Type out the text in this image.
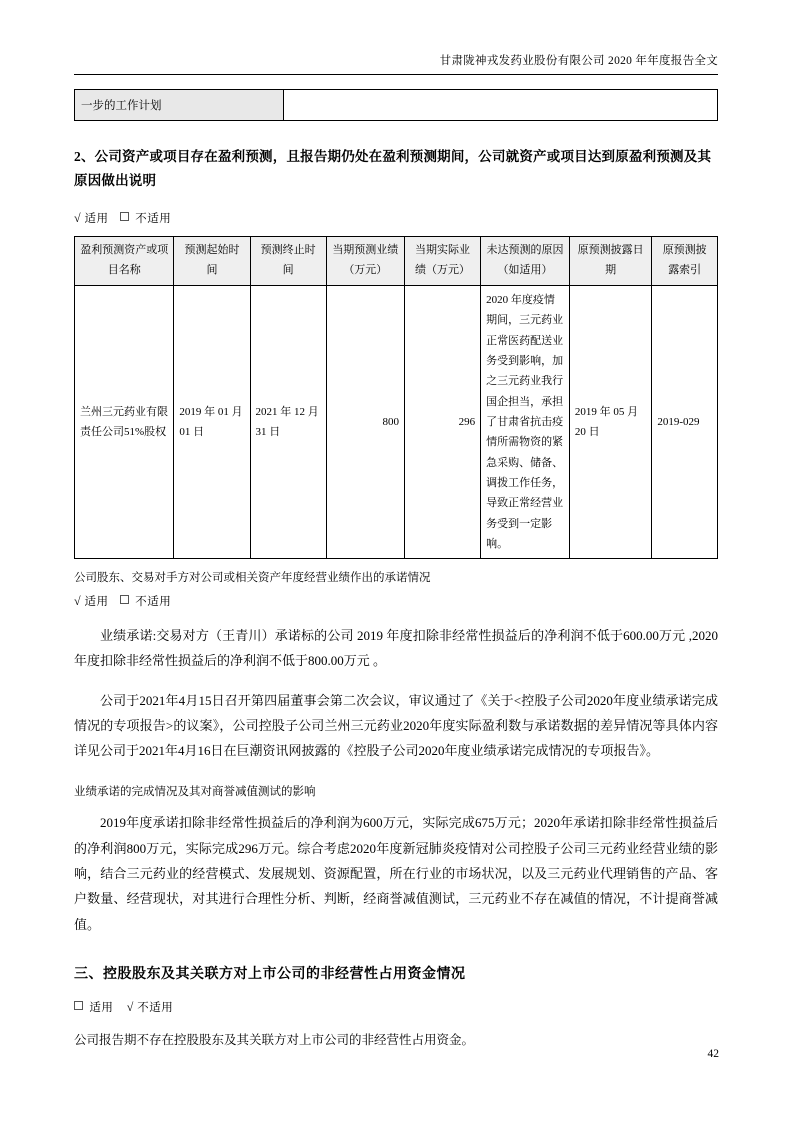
甘肃陇神戎发药业股份有限公司 2020 年年度报告全文
一步的工作计划	
2、公司资产或项目存在盈利预测，且报告期仍处在盈利预测期间，公司就资产或项目达到原盈利预测及其原因做出说明
√ 适用 不适用
盈利预测资产或项目名称	预测起始时间	预测终止时间	当期预测业绩（万元）	当期实际业绩（万元）	未达预测的原因（如适用）	原预测披露日期	原预测披露索引
兰州三元药业有限责任公司51%股权	2019 年 01 月 01 日	2021 年 12 月 31 日	800	296	2020 年度疫情期间，三元药业正常医药配送业务受到影响，加之三元药业我行国企担当，承担了甘肃省抗击疫情所需物资的紧急采购、储备、调拨工作任务，导致正常经营业务受到一定影响。	2019 年 05 月 20 日	2019-029
公司股东、交易对手方对公司或相关资产年度经营业绩作出的承诺情况
√ 适用 不适用

业绩承诺:交易对方（王青川）承诺标的公司 2019 年度扣除非经常性损益后的净利润不低于600.00万元 ,2020 年度扣除非经常性损益后的净利润不低于800.00万元 。

公司于2021年4月15日召开第四届董事会第二次会议，审议通过了《关于<控股子公司2020年度业绩承诺完成情况的专项报告>的议案》，公司控股子公司兰州三元药业2020年度实际盈利数与承诺数据的差异情况等具体内容详见公司于2021年4月16日在巨潮资讯网披露的《控股子公司2020年度业绩承诺完成情况的专项报告》。

业绩承诺的完成情况及其对商誉减值测试的影响

2019年度承诺扣除非经常性损益后的净利润为600万元，实际完成675万元；2020年承诺扣除非经常性损益后的净利润800万元，实际完成296万元。综合考虑2020年度新冠肺炎疫情对公司控股子公司三元药业经营业绩的影响，结合三元药业的经营模式、发展规划、资源配置，所在行业的市场状况，以及三元药业代理销售的产品、客户数量、经营现状，对其进行合理性分析、判断，经商誉减值测试，三元药业不存在减值的情况，不计提商誉减值。

三、控股股东及其关联方对上市公司的非经营性占用资金情况
适用 √ 不适用

公司报告期不存在控股股东及其关联方对上市公司的非经营性占用资金。

42
